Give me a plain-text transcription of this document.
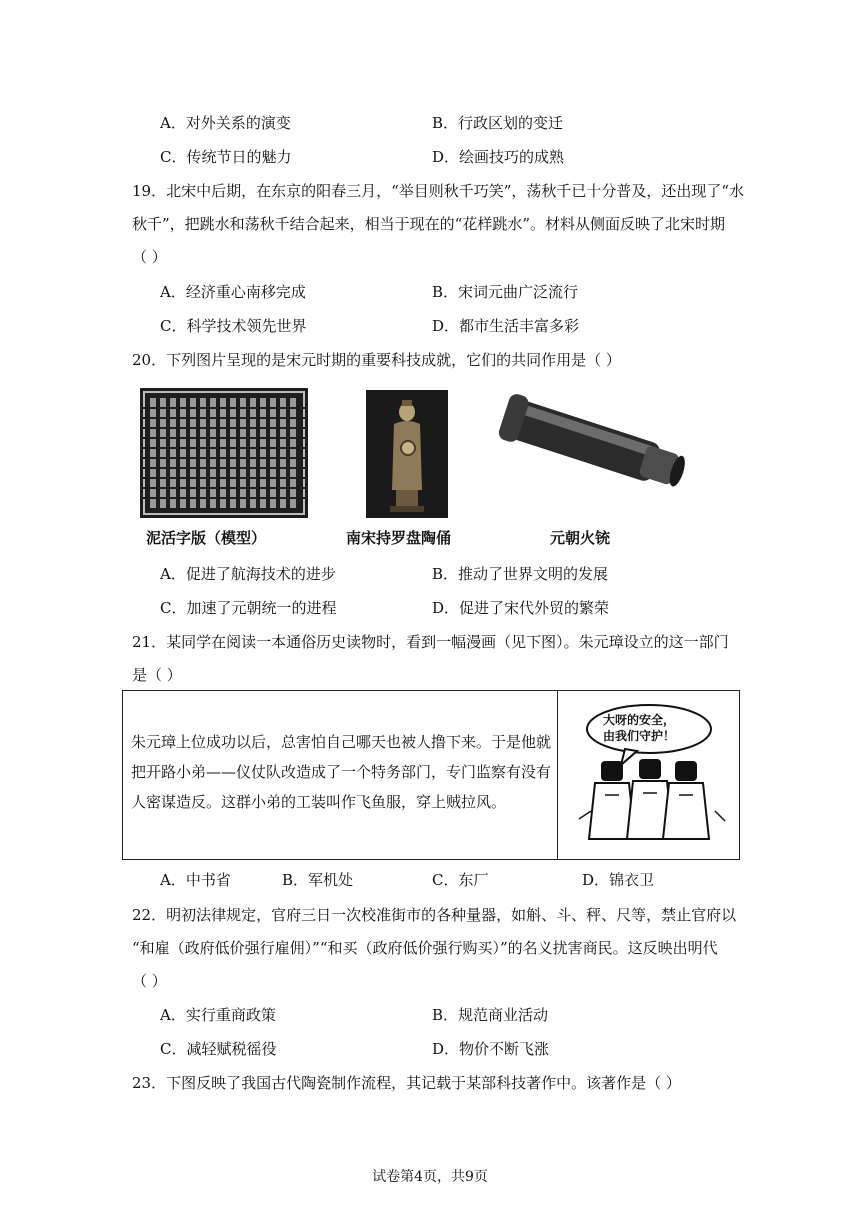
A．对外关系的演变	B．行政区划的变迁
C．传统节日的魅力	D．绘画技巧的成熟
19．北宋中后期，在东京的阳春三月，“举目则秋千巧笑”，荡秋千已十分普及，还出现了“水
秋千”，把跳水和荡秋千结合起来，相当于现在的“花样跳水”。材料从侧面反映了北宋时期
（ ）
A．经济重心南移完成	B．宋词元曲广泛流行
C．科学技术领先世界	D．都市生活丰富多彩
20．下列图片呈现的是宋元时期的重要科技成就，它们的共同作用是（ ）
泥活字版（模型）	南宋持罗盘陶俑	元朝火铳
A．促进了航海技术的进步	B．推动了世界文明的发展
C．加速了元朝统一的进程	D．促进了宋代外贸的繁荣
21．某同学在阅读一本通俗历史读物时，看到一幅漫画（见下图）。朱元璋设立的这一部门
是（ ）
朱元璋上位成功以后，总害怕自己哪天也被人撸下来。于是他就把开路小弟——仪仗队改造成了一个特务部门，专门监察有没有人密谋造反。这群小弟的工装叫作飞鱼服，穿上贼拉风。
大呀的安全，
由我们守护！
A．中书省	B．军机处	C．东厂	D．锦衣卫
22．明初法律规定，官府三日一次校准街市的各种量器，如斛、斗、秤、尺等，禁止官府以
“和雇（政府低价强行雇佣）”“和买（政府低价强行购买）”的名义扰害商民。这反映出明代
（ ）
A．实行重商政策	B．规范商业活动
C．减轻赋税徭役	D．物价不断飞涨
23．下图反映了我国古代陶瓷制作流程，其记载于某部科技著作中。该著作是（ ）
试卷第4页，共9页
